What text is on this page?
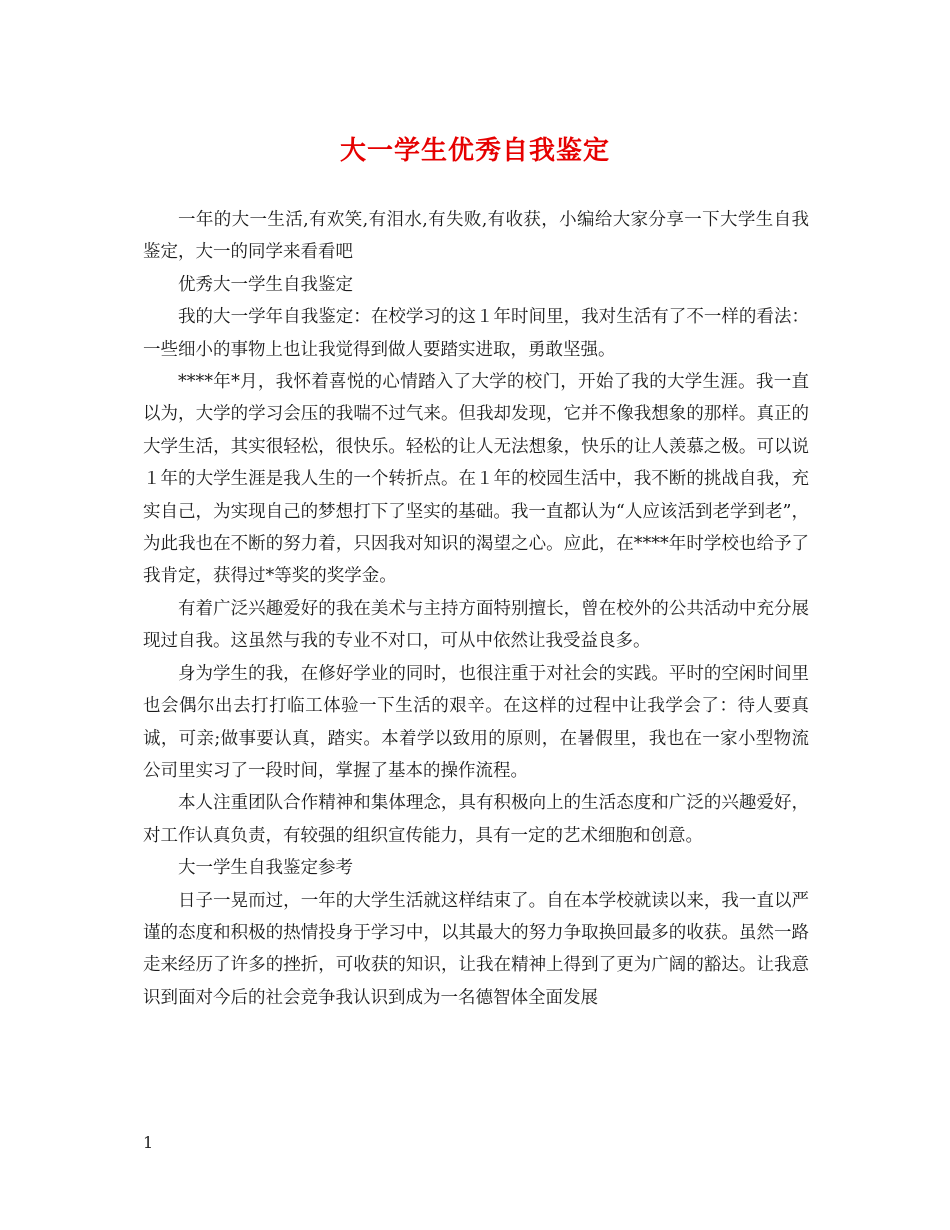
大一学生优秀自我鉴定

一年的大一生活,有欢笑,有泪水,有失败,有收获，小编给大家分享一下大学生自我鉴定，大一的同学来看看吧

优秀大一学生自我鉴定

我的大一学年自我鉴定：在校学习的这１年时间里，我对生活有了不一样的看法：一些细小的事物上也让我觉得到做人要踏实进取，勇敢坚强。

****年*月，我怀着喜悦的心情踏入了大学的校门，开始了我的大学生涯。我一直以为，大学的学习会压的我喘不过气来。但我却发现，它并不像我想象的那样。真正的大学生活，其实很轻松，很快乐。轻松的让人无法想象，快乐的让人羡慕之极。可以说１年的大学生涯是我人生的一个转折点。在１年的校园生活中，我不断的挑战自我，充实自己，为实现自己的梦想打下了坚实的基础。我一直都认为“人应该活到老学到老”，为此我也在不断的努力着，只因我对知识的渴望之心。应此，在****年时学校也给予了我肯定，获得过*等奖的奖学金。

有着广泛兴趣爱好的我在美术与主持方面特别擅长，曾在校外的公共活动中充分展现过自我。这虽然与我的专业不对口，可从中依然让我受益良多。

身为学生的我，在修好学业的同时，也很注重于对社会的实践。平时的空闲时间里也会偶尔出去打打临工体验一下生活的艰辛。在这样的过程中让我学会了：待人要真诚，可亲;做事要认真，踏实。本着学以致用的原则，在暑假里，我也在一家小型物流公司里实习了一段时间，掌握了基本的操作流程。

本人注重团队合作精神和集体理念，具有积极向上的生活态度和广泛的兴趣爱好，对工作认真负责，有较强的组织宣传能力，具有一定的艺术细胞和创意。

大一学生自我鉴定参考

日子一晃而过，一年的大学生活就这样结束了。自在本学校就读以来，我一直以严谨的态度和积极的热情投身于学习中，以其最大的努力争取换回最多的收获。虽然一路走来经历了许多的挫折，可收获的知识，让我在精神上得到了更为广阔的豁达。让我意识到面对今后的社会竞争我认识到成为一名德智体全面发展

1
